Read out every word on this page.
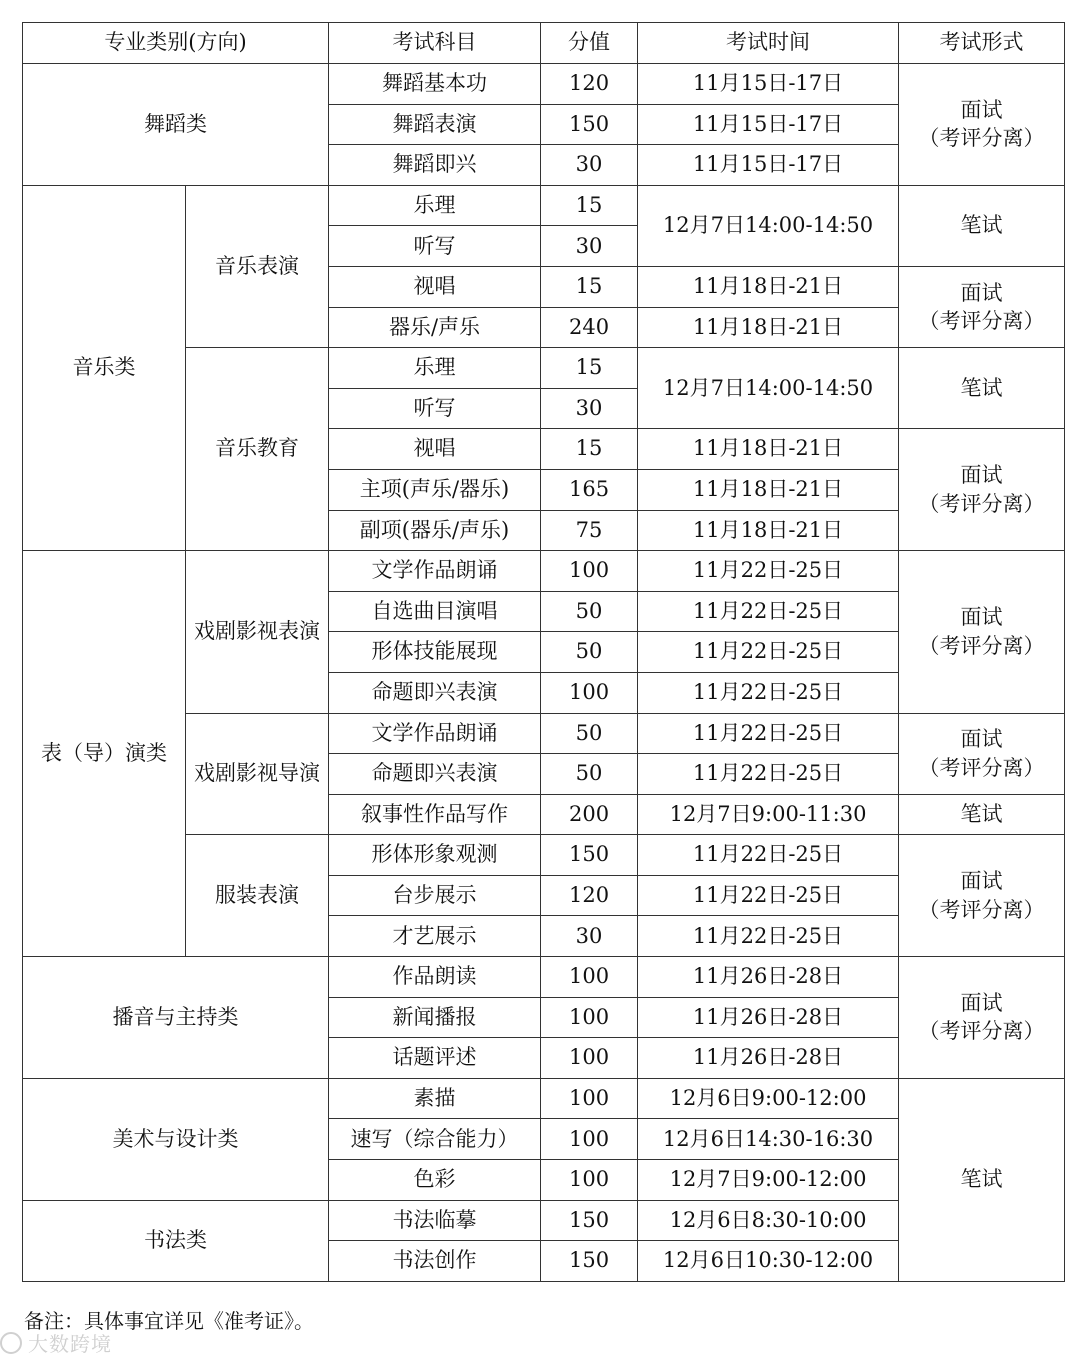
专业类别(方向)		考试科目	分值	考试时间	考试形式
舞蹈类		舞蹈基本功	120	11月15日-17日	面试
（考评分离）

		舞蹈表演	150	11月15日-17日	
		舞蹈即兴	30	11月15日-17日	
音乐类	音乐表演	乐理	15	12月7日14:00-14:50	笔试
		听写	30		
		视唱	15	11月18日-21日	面试
（考评分离）

		器乐/声乐	240	11月18日-21日	
	音乐教育	乐理	15	12月7日14:00-14:50	笔试
		听写	30		
		视唱	15	11月18日-21日	面试
（考评分离）

		主项(声乐/器乐)	165	11月18日-21日	
		副项(器乐/声乐)	75	11月18日-21日	
表（导）演类	戏剧影视表演	文学作品朗诵	100	11月22日-25日	面试
（考评分离）

		自选曲目演唱	50	11月22日-25日	
		形体技能展现	50	11月22日-25日	
		命题即兴表演	100	11月22日-25日	
	戏剧影视导演	文学作品朗诵	50	11月22日-25日	面试
（考评分离）

		命题即兴表演	50	11月22日-25日	
		叙事性作品写作	200	12月7日9:00-11:30	笔试
	服装表演	形体形象观测	150	11月22日-25日	面试
（考评分离）

		台步展示	120	11月22日-25日	
		才艺展示	30	11月22日-25日	
播音与主持类		作品朗读	100	11月26日-28日	面试
（考评分离）

		新闻播报	100	11月26日-28日	
		话题评述	100	11月26日-28日	
美术与设计类		素描	100	12月6日9:00-12:00	笔试
		速写（综合能力）	100	12月6日14:30-16:30	
		色彩	100	12月7日9:00-12:00	
书法类		书法临摹	150	12月6日8:30-10:00	
		书法创作	150	12月6日10:30-12:00	
备注：具体事宜详见《准考证》。
大数跨境
